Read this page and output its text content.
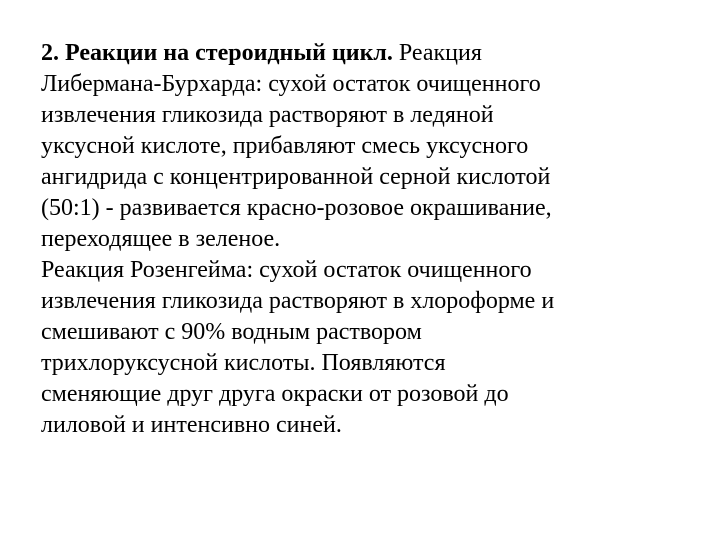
2. Реакции на стероидный цикл. Реакция
Либермана-Бурхарда: сухой остаток очищенного
извлечения гликозида растворяют в ледяной
уксусной кислоте, прибавляют смесь уксусного
ангидрида с концентрированной серной кислотой
(50:1) - развивается красно-розовое окрашивание,
переходящее в зеленое.

Реакция Розенгейма: сухой остаток очищенного
извлечения гликозида растворяют в хлороформе и
смешивают с 90% водным раствором
трихлоруксусной кислоты. Появляются
сменяющие друг друга окраски от розовой до
лиловой и интенсивно синей.
